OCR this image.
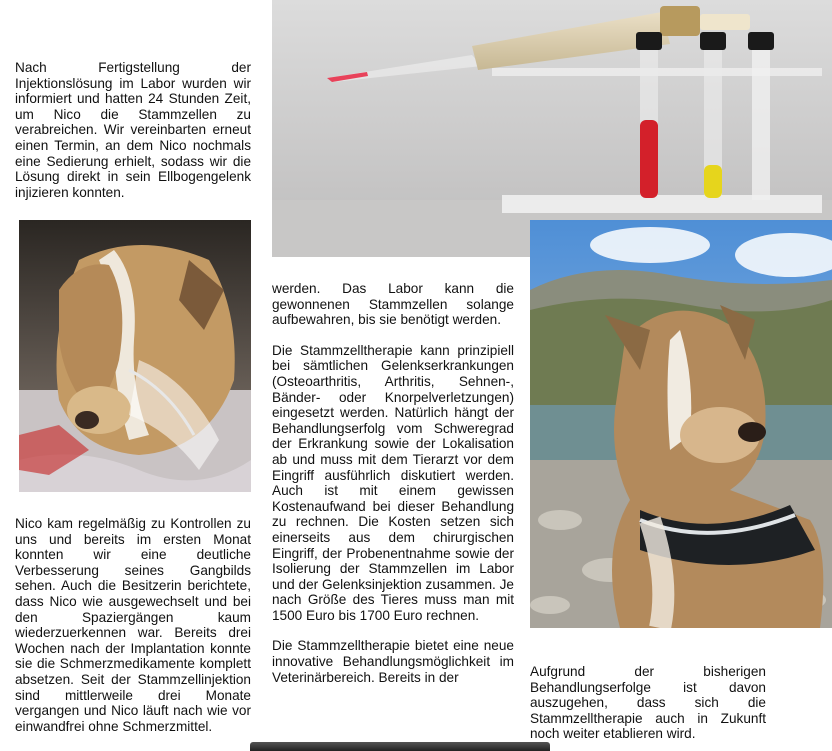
Nach Fertigstellung der Injektionslösung im Labor wurden wir informiert und hatten 24 Stunden Zeit, um Nico die Stammzellen zu verabreichen. Wir vereinbarten erneut einen Termin, an dem Nico nochmals eine Sedierung erhielt, sodass wir die Lösung direkt in sein Ellbogengelenk injizieren konnten.

Nico kam regelmäßig zu Kontrollen zu uns und bereits im ersten Monat konnten wir eine deutliche Verbesserung seines Gangbilds sehen. Auch die Besitzerin berichtete, dass Nico wie ausgewechselt und bei den Spaziergängen kaum wiederzuerkennen war. Bereits drei Wochen nach der Implantation konnte sie die Schmerzmedikamente komplett absetzen. Seit der Stammzellinjektion sind mittlerweile drei Monate vergangen und Nico läuft nach wie vor einwandfrei ohne Schmerzmittel.

werden. Das Labor kann die gewonnenen Stammzellen solange aufbewahren, bis sie benötigt werden.

Die Stammzelltherapie kann prinzipiell bei sämtlichen Gelenkserkrankungen (Osteoarthritis, Arthritis, Sehnen-, Bänder- oder Knorpelverletzungen) eingesetzt werden. Natürlich hängt der Behandlungserfolg vom Schweregrad der Erkrankung sowie der Lokalisation ab und muss mit dem Tierarzt vor dem Eingriff ausführlich diskutiert werden. Auch ist mit einem gewissen Kostenaufwand bei dieser Behandlung zu rechnen. Die Kosten setzen sich einerseits aus dem chirurgischen Eingriff, der Probenentnahme sowie der Isolierung der Stammzellen im Labor und der Gelenksinjektion zusammen. Je nach Größe des Tieres muss man mit 1500 Euro bis 1700 Euro rechnen.

Die Stammzelltherapie bietet eine neue innovative Behandlungsmöglichkeit im Veterinärbereich. Bereits in der	Aufgrund der bisherigen Behandlungserfolge ist davon auszugehen, dass sich die Stammzelltherapie auch in Zukunft noch weiter etablieren wird.
